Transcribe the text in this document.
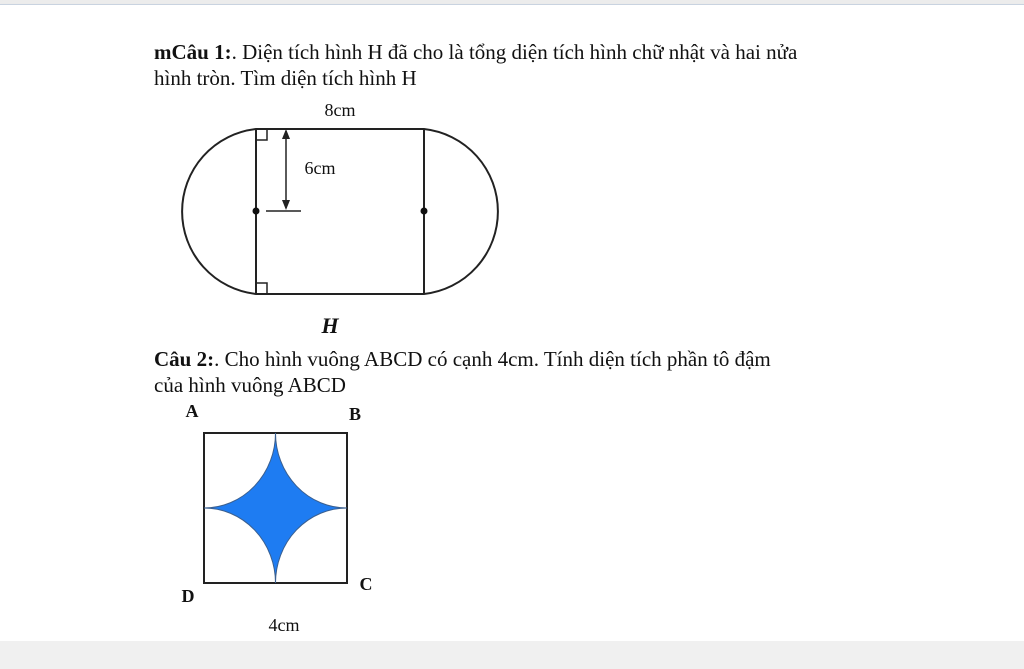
mCâu 1:. Diện tích hình H đã cho là tổng diện tích hình chữ nhật và hai nửa
hình tròn. Tìm diện tích hình H
8cm
6cm
H
Câu 2:. Cho hình vuông ABCD có cạnh 4cm. Tính diện tích phần tô đậm
của hình vuông ABCD
A	B
C
D
4cm
